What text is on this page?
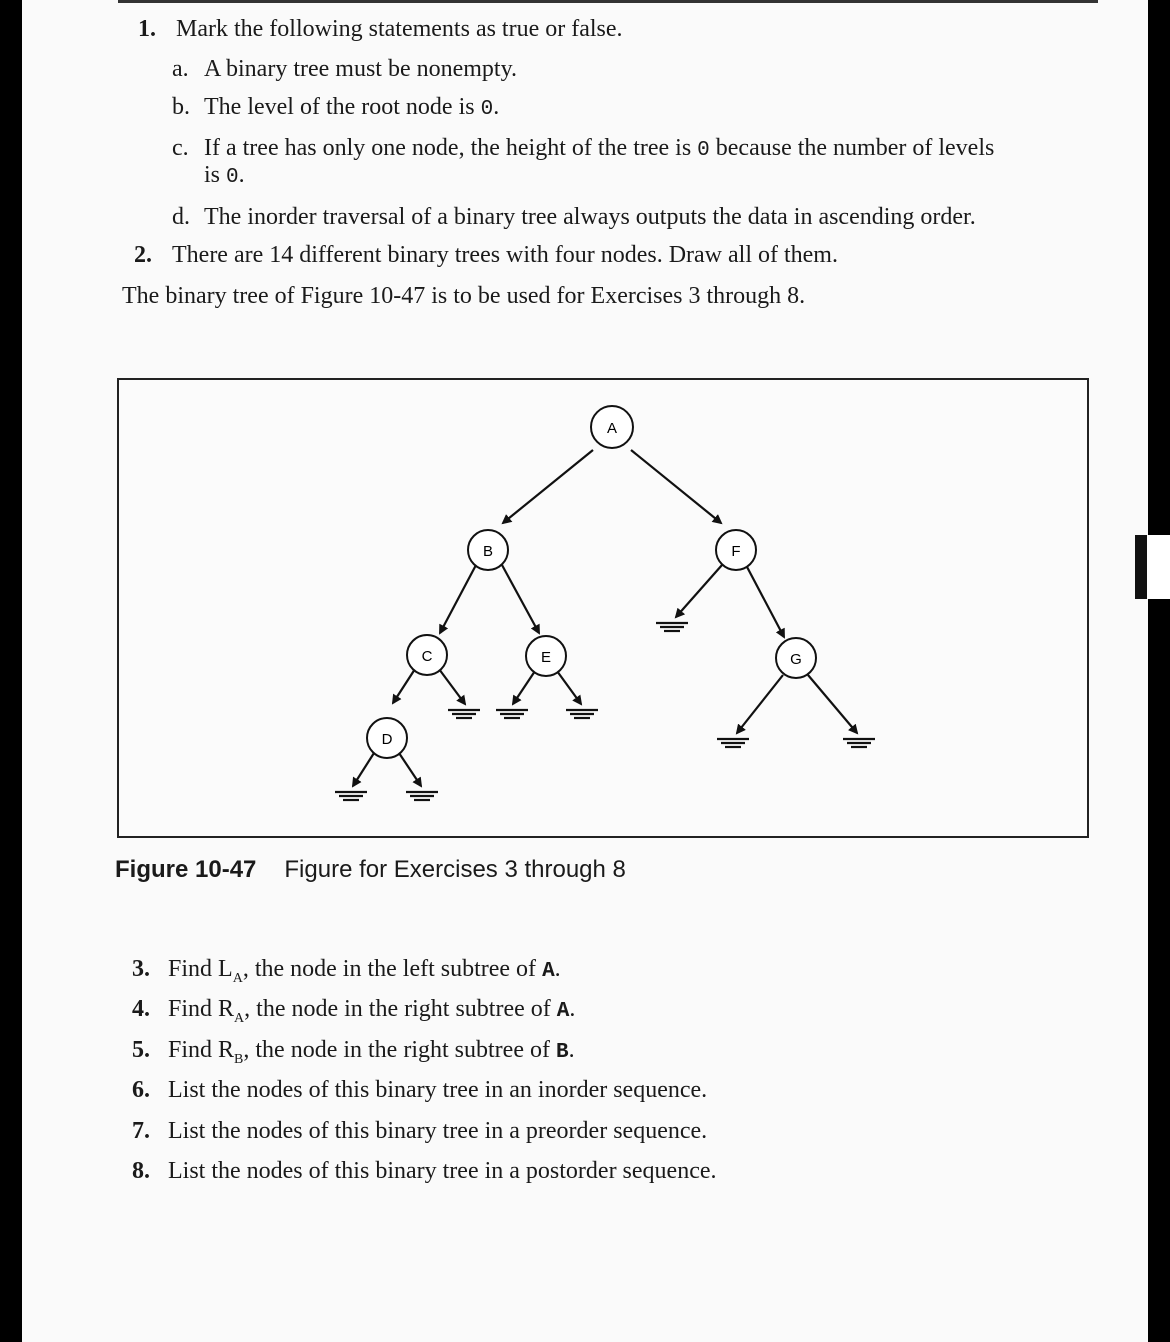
1. Mark the following statements as true or false.
a. A binary tree must be nonempty.
b. The level of the root node is 0.
c. If a tree has only one node, the height of the tree is 0 because the number of levels
is 0.
d. The inorder traversal of a binary tree always outputs the data in ascending order.
2. There are 14 different binary trees with four nodes. Draw all of them.
The binary tree of Figure 10-47 is to be used for Exercises 3 through 8.
A
B	F
C	E	G
D
Figure 10-47 Figure for Exercises 3 through 8
3. Find $L_A$, the node in the left subtree of A.
4. Find $R_A$, the node in the right subtree of A.
5. Find $R_B$, the node in the right subtree of B.
6. List the nodes of this binary tree in an inorder sequence.
7. List the nodes of this binary tree in a preorder sequence.
8. List the nodes of this binary tree in a postorder sequence.
